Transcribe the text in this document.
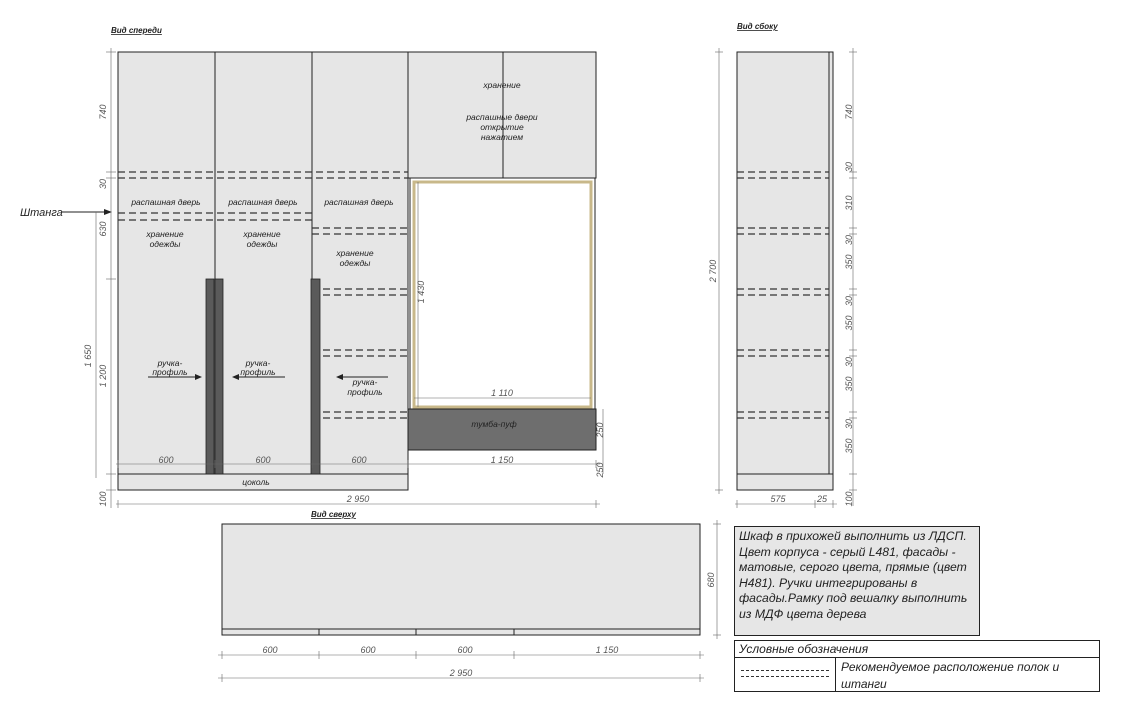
Вид спереди
цоколь
хранение
распашные двери открытие нажатием
тумба-пуф
распашная дверь	распашная дверь	распашная дверь
хранение одежды
хранение одежды
хранение одежды
ручка-профиль
ручка-профиль
ручка-профиль
Штанга
740
30
630
1 650
1 200
100
600	600	600	1 150
2 950
1 110
1 430
250
250
Вид сбоку
2 700
740
30
310
30
350
30
350
30
350
30
350
100
575	25
Вид сверху
680
600	600	600	1 150
2 950
Шкаф в прихожей выполнить из ЛДСП. Цвет корпуса - серый L481, фасады - матовые, серого цвета, прямые (цвет H481). Ручки интегрированы в фасады.Рамку под вешалку выполнить из МДФ цвета дерева
Условные обозначения
Рекомендуемое расположение полок и штанги
